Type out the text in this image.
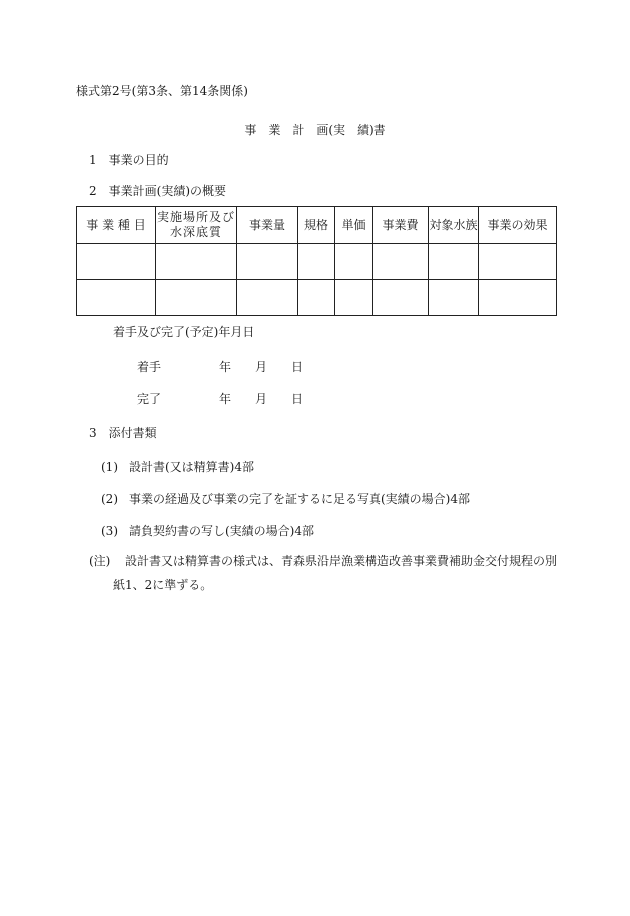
様式第2号(第3条、第14条関係)
事　業　計　画(実　績)書
1　事業の目的
2　事業計画(実績)の概要
事 業 種 目	実施場所及び水深底質	事業量	規格	単価	事業費	対象水族	事業の効果

着手及び完了(予定)年月日
着手	年 月 日
完了	年 月 日
3　添付書類
(1) 設計書(又は精算書)4部
(2) 事業の経過及び事業の完了を証するに足る写真(実績の場合)4部
(3) 請負契約書の写し(実績の場合)4部
(注) 設計書又は精算書の様式は、青森県沿岸漁業構造改善事業費補助金交付規程の別
紙1、2に準ずる。
